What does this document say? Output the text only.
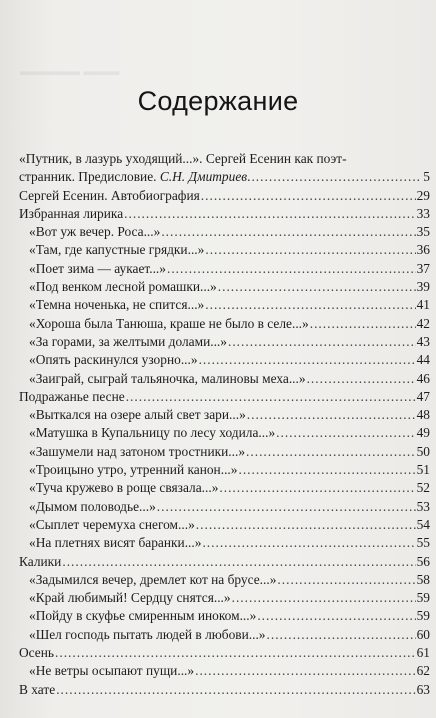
▬▬▬▬▬ ▬▬▬
Содержание
«Путник, в лазурь уходящий...». Сергей Есенин как поэт-
странник. Предисловие. С.Н. Дмитриев. .....	5
Сергей Есенин. Автобиография .....	29
Избранная лирика .....	33
«Вот уж вечер. Роса...» .....	35
«Там, где капустные грядки...» .....	36
«Поет зима — аукает...» .....	37
«Под венком лесной ромашки...» .....	39
«Темна ноченька, не спится...» .....	41
«Хороша была Танюша, краше не было в селе...» .....	42
«За горами, за желтыми долами...» .....	43
«Опять раскинулся узорно...» .....	44
«Заиграй, сыграй тальяночка, малиновы меха...» .....	46
Подражанье песне .....	47
«Выткался на озере алый свет зари...» .....	48
«Матушка в Купальницу по лесу ходила...» .....	49
«Зашумели над затоном тростники...» .....	50
«Троицыно утро, утренний канон...» .....	51
«Туча кружево в роще связала...» .....	52
«Дымом половодье...» .....	53
«Сыплет черемуха снегом...» .....	54
«На плетнях висят баранки...» .....	55
Калики .....	56
«Задымился вечер, дремлет кот на брусе...» .....	58
«Край любимый! Сердцу снятся...» .....	59
«Пойду в скуфье смиренным иноком...» .....	59
«Шел господь пытать людей в любови...» .....	60
Осень .....	61
«Не ветры осыпают пущи...» .....	62
В хате .....	63
